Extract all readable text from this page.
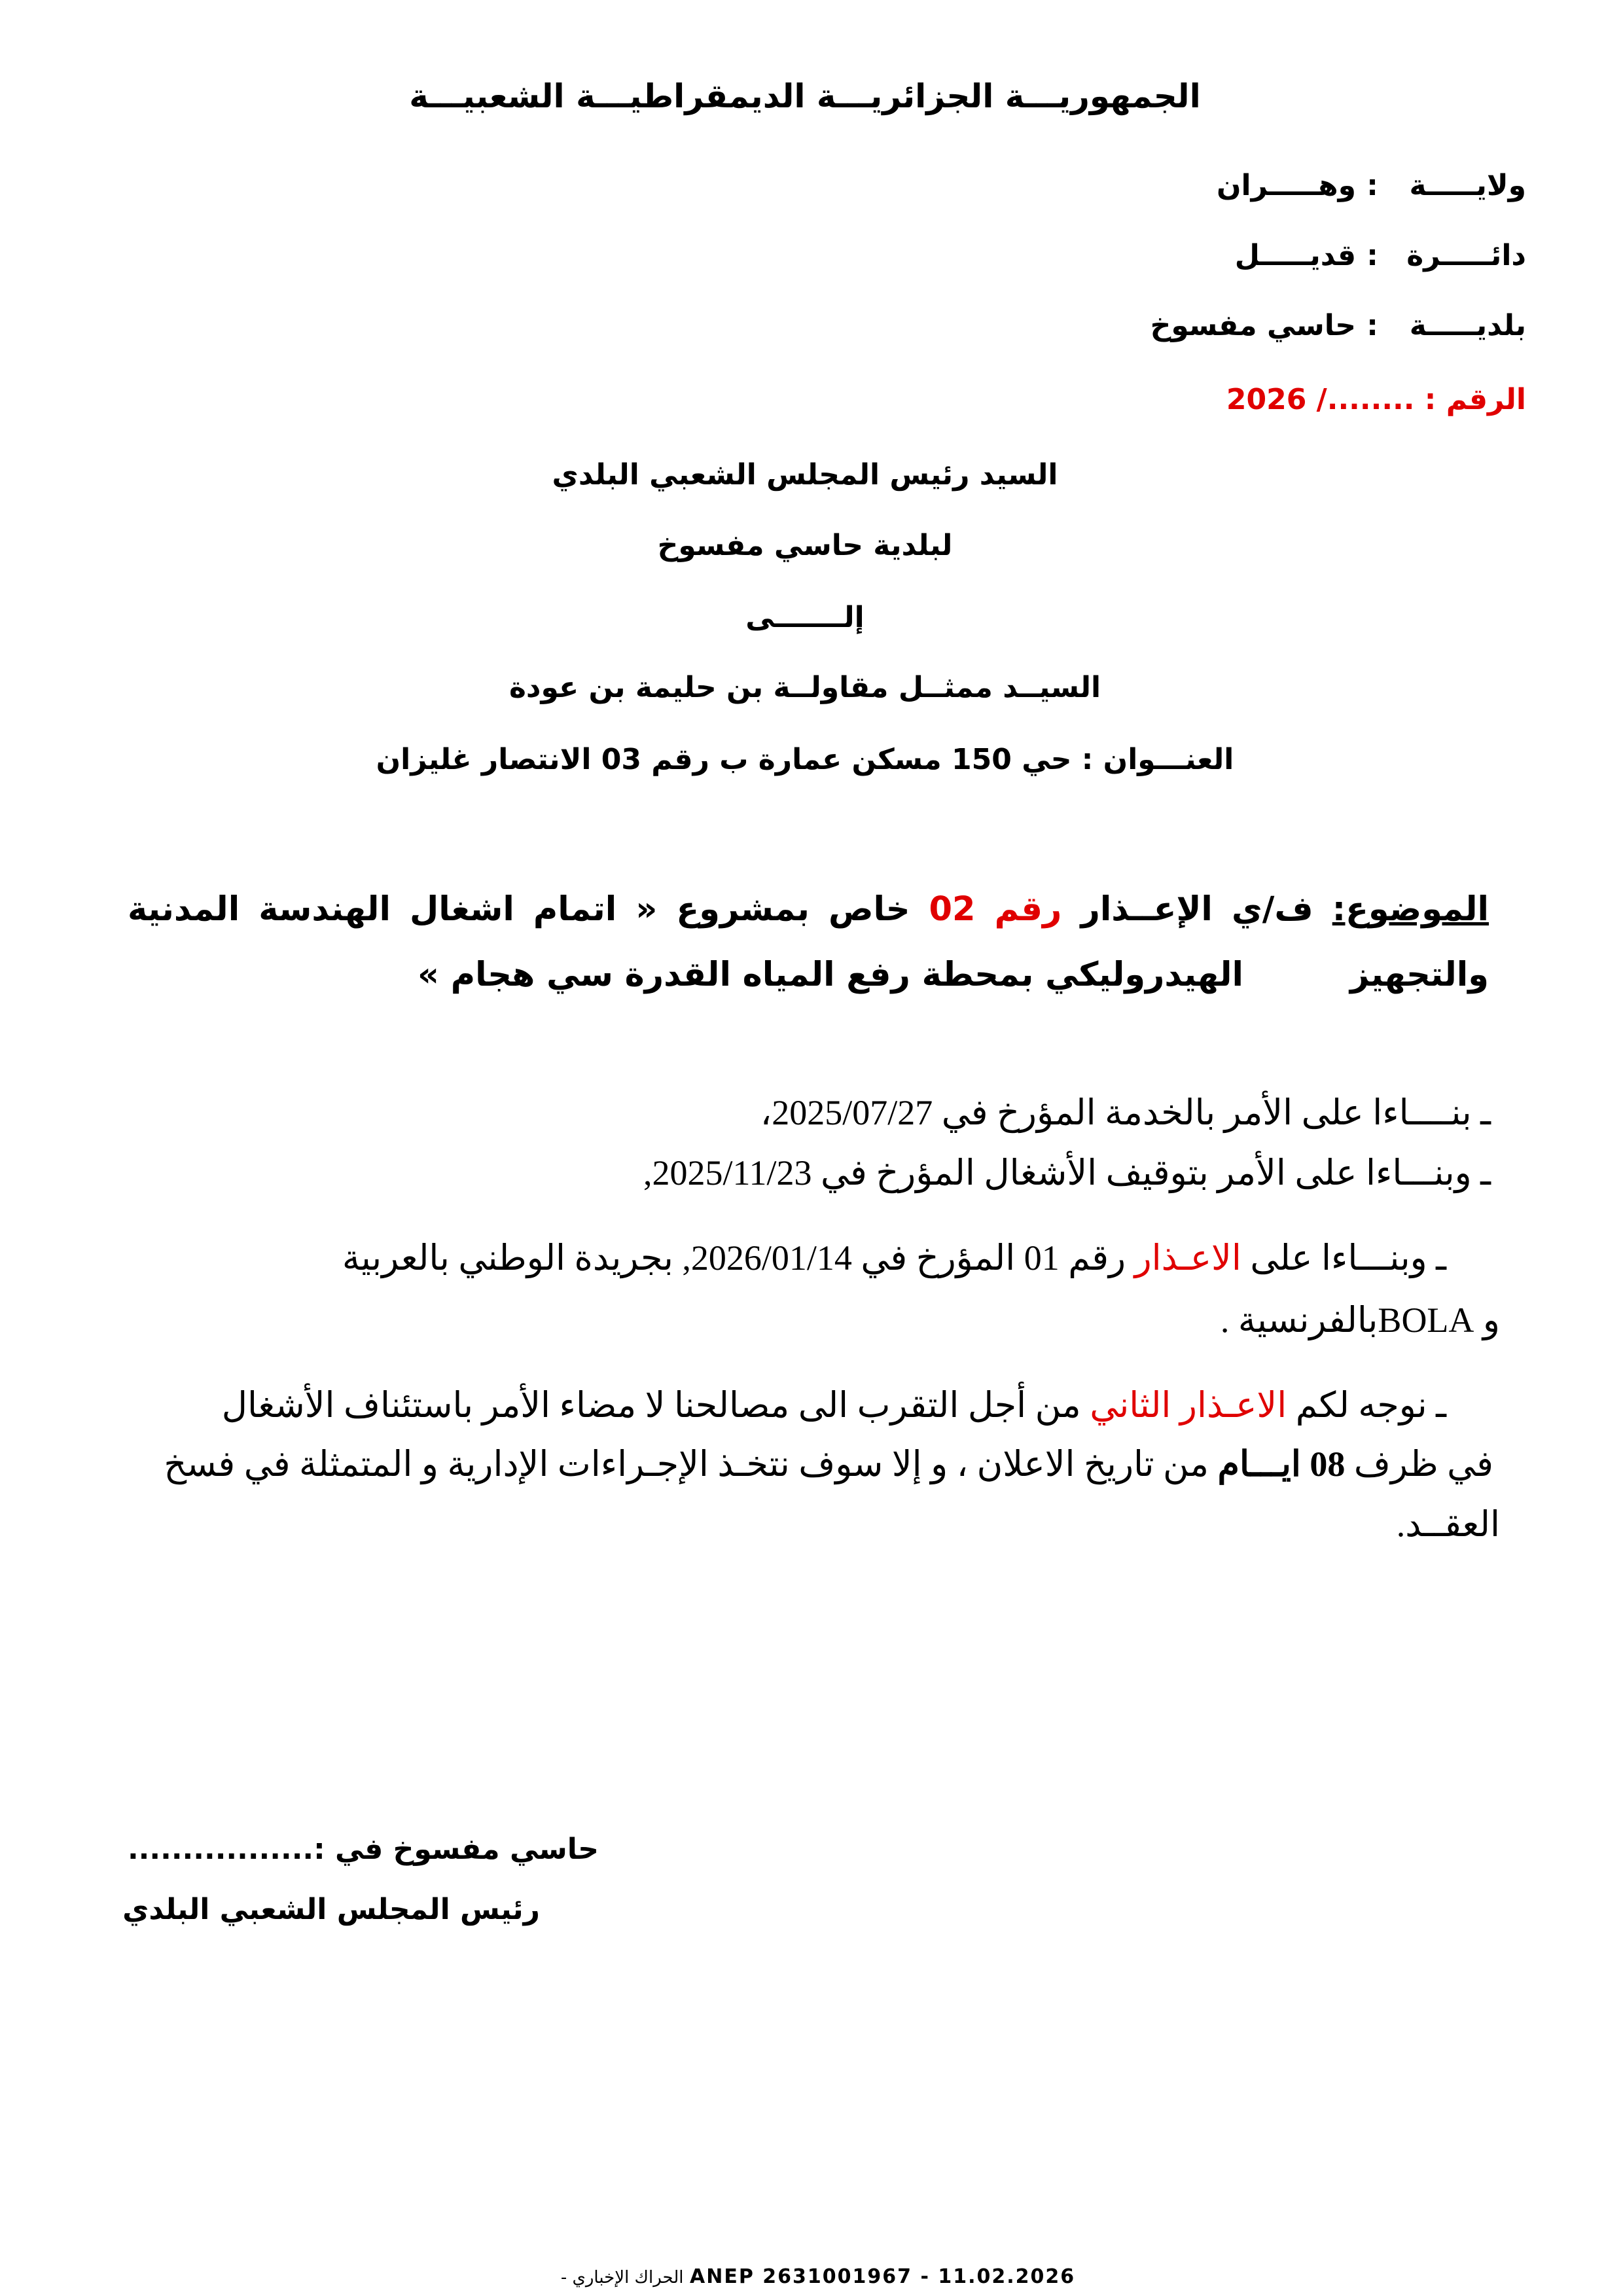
الجمهوريـــة الجزائريـــة الديمقراطيـــة الشعبيـــة
ولايـــــة:وهـــــران
دائـــــرة:قديـــــل
بلديـــــة:حاسي مفسوخ
الرقم : ......../ 2026
السيد رئيس المجلس الشعبي البلدي
لبلدية حاسي مفسوخ
إلـــــــى
السيــد ممثــل مقاولــة بن حليمة بن عودة
العنـــوان : حي 150 مسكن عمارة ب رقم 03 الانتصار غليزان
الموضوع: ف/ي الإعــذار رقم 02 خاص بمشروع « اتمام اشغال الهندسة المدنية والتجهيز
الهيدروليكي بمحطة رفع المياه القدرة سي هجام »
ـ بنــــاءا على الأمر بالخدمة المؤرخ في 2025/07/27،
ـ وبنـــاءا على الأمر بتوقيف الأشغال المؤرخ في 2025/11/23,
ـ وبنـــاءا على الاعـذار رقم 01 المؤرخ في 2026/01/14, بجريدة الوطني بالعربية
و BOLAبالفرنسية .
ـ نوجه لكم الاعـذار الثاني من أجل التقرب الى مصالحنا لا مضاء الأمر باستئناف الأشغال
في ظرف 08 ايـــام من تاريخ الاعلان ، و إلا سوف نتخـذ الإجـراءات الإدارية و المتمثلة في فسخ
العقــد.
حاسي مفسوخ في :.................
رئيس المجلس الشعبي البلدي
الحراك الإخباري - ANEP 2631001967 - 11.02.2026
